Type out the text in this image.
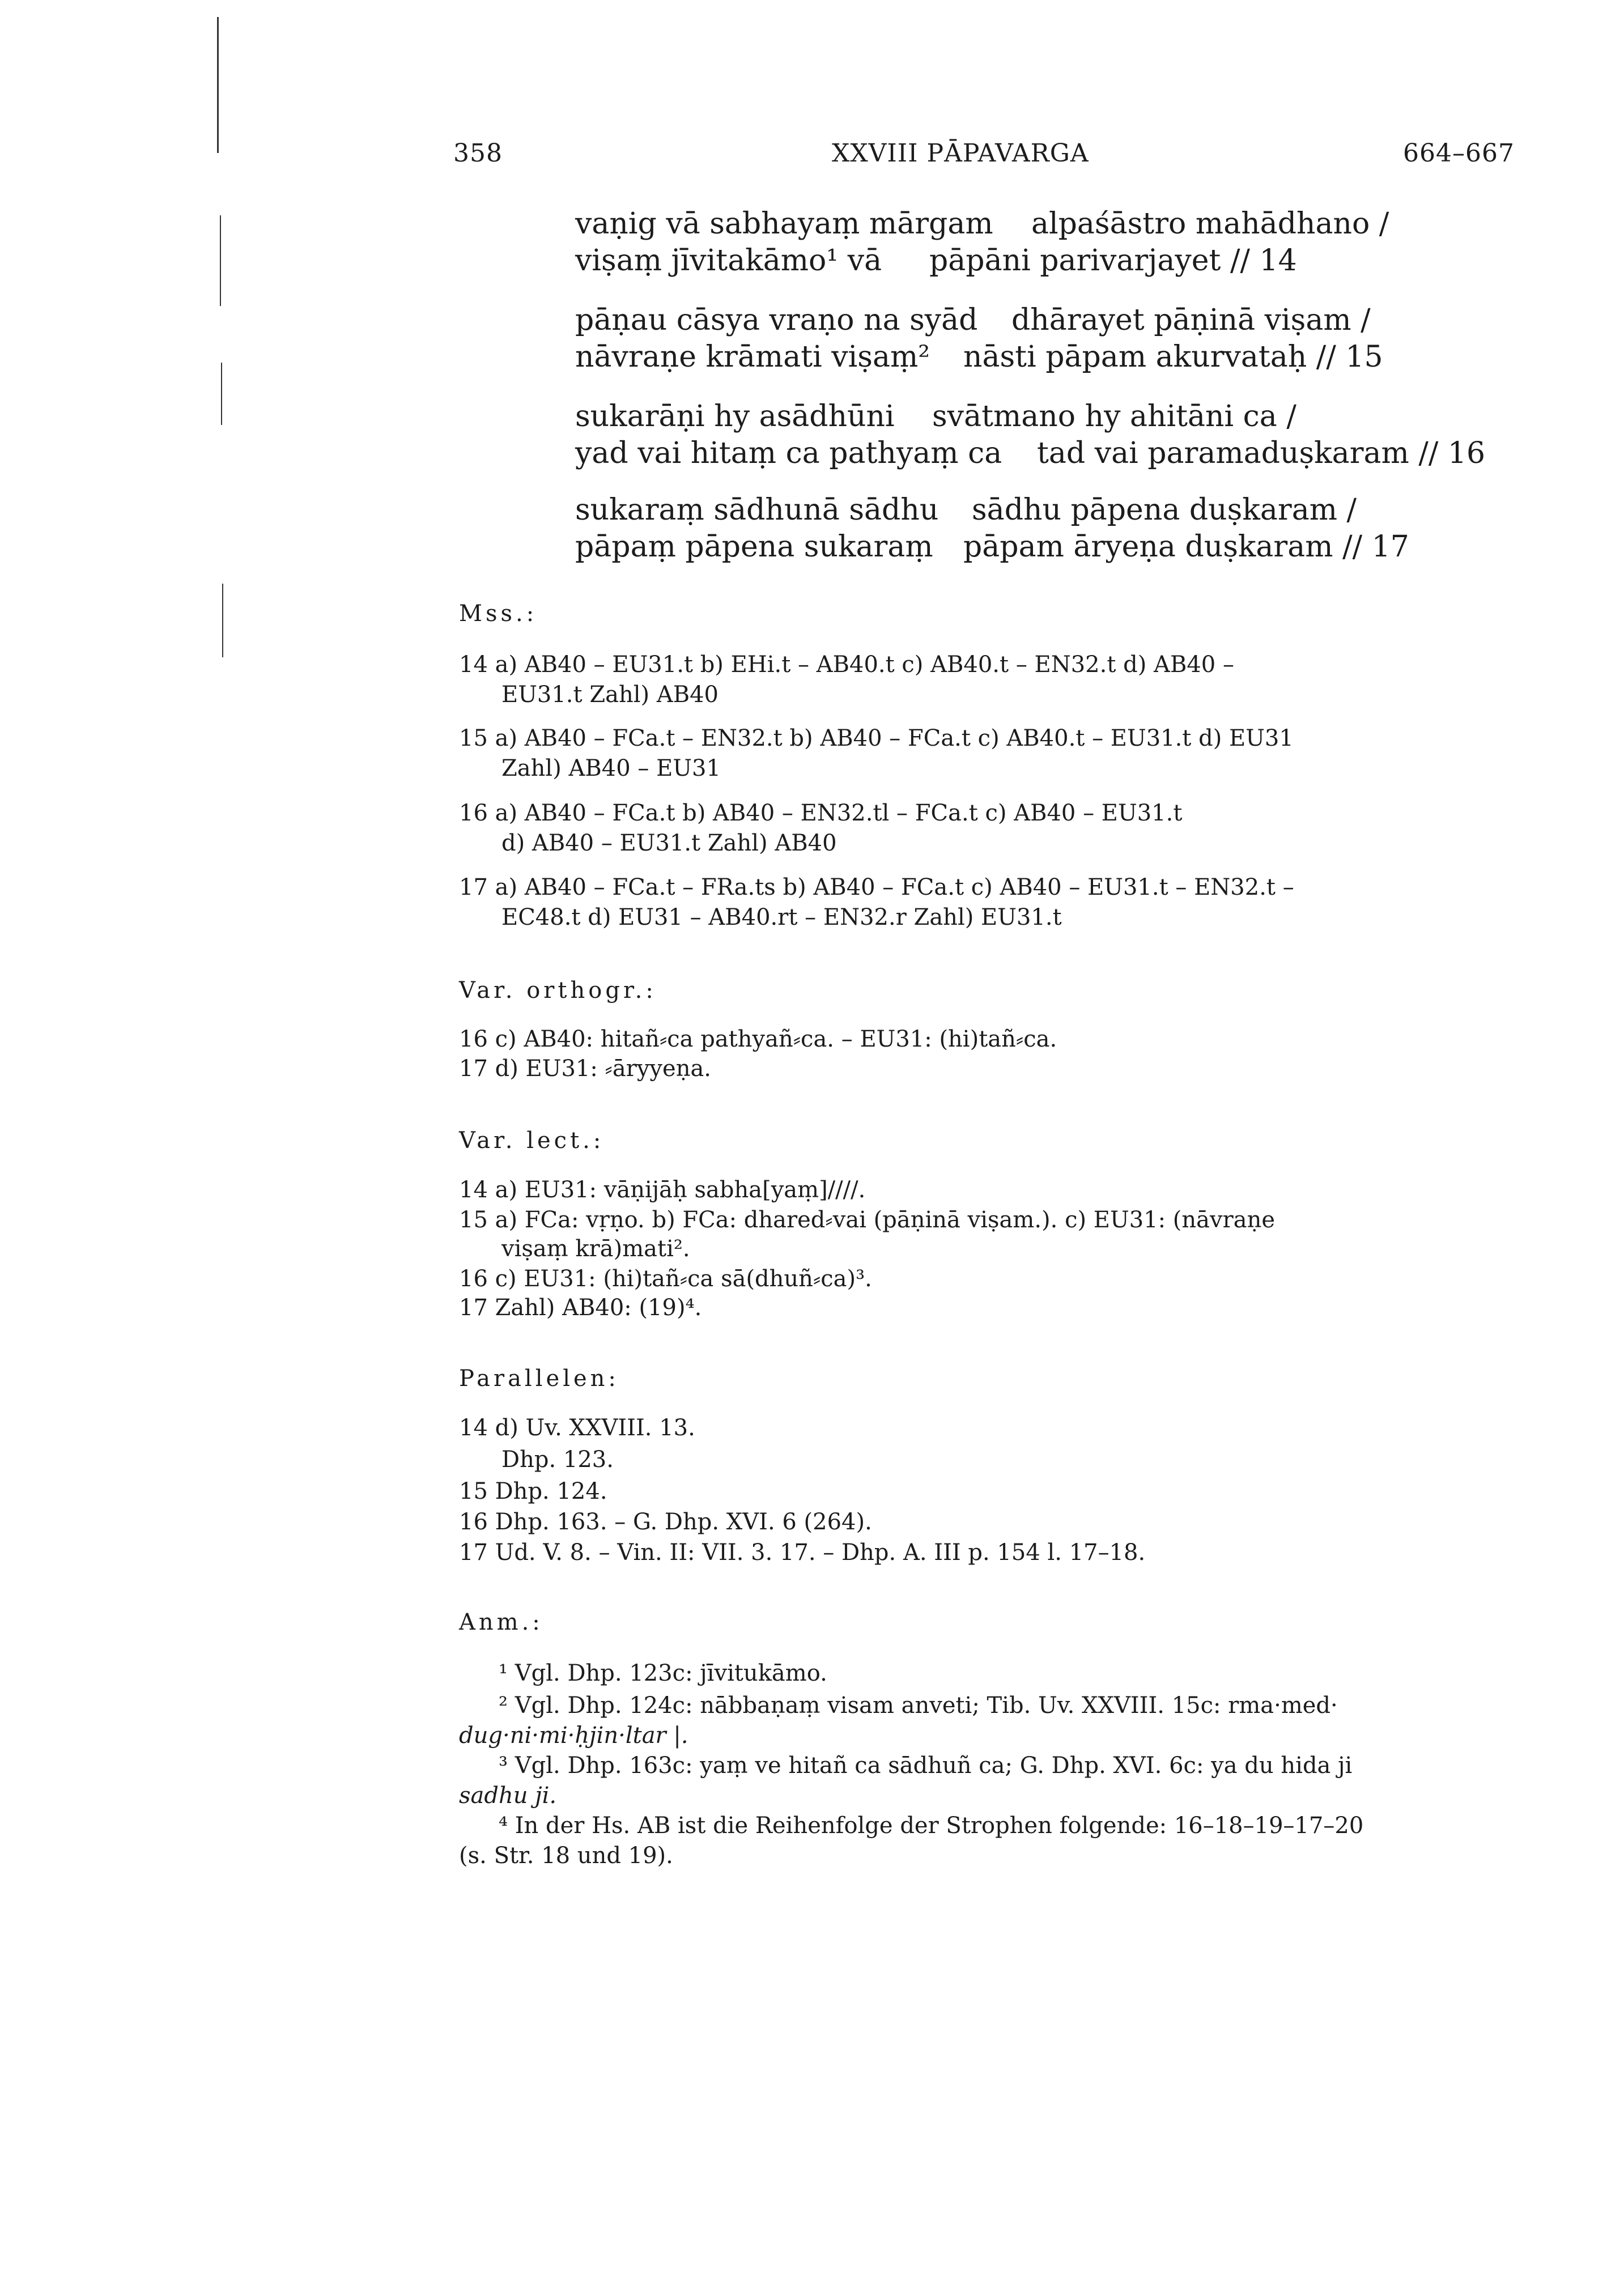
358	XXVIII PĀPAVARGA	664–667
vaṇig vā sabhayaṃ mārgam alpaśāstro mahādhano /
viṣaṃ jīvitakāmo¹ vā pāpāni parivarjayet // 14
pāṇau cāsya vraṇo na syād dhārayet pāṇinā viṣam /
nāvraṇe krāmati viṣaṃ² nāsti pāpam akurvataḥ // 15
sukarāṇi hy asādhūni svātmano hy ahitāni ca /
yad vai hitaṃ ca pathyaṃ ca tad vai paramaduṣkaram // 16
sukaraṃ sādhunā sādhu sādhu pāpena duṣkaram /
pāpaṃ pāpena sukaraṃ pāpam āryeṇa duṣkaram // 17
Mss.:
14 a) AB40 – EU31.t b) EHi.t – AB40.t c) AB40.t – EN32.t d) AB40 –
EU31.t Zahl) AB40
15 a) AB40 – FCa.t – EN32.t b) AB40 – FCa.t c) AB40.t – EU31.t d) EU31
Zahl) AB40 – EU31
16 a) AB40 – FCa.t b) AB40 – EN32.tl – FCa.t c) AB40 – EU31.t
d) AB40 – EU31.t Zahl) AB40
17 a) AB40 – FCa.t – FRa.ts b) AB40 – FCa.t c) AB40 – EU31.t – EN32.t –
EC48.t d) EU31 – AB40.rt – EN32.r Zahl) EU31.t
Var. orthogr.:
16 c) AB40: hitañ⸗ca pathyañ⸗ca. – EU31: (hi)tañ⸗ca.
17 d) EU31: ⸗āryyeṇa.
Var. lect.:
14 a) EU31: vāṇijāḥ sabha[yaṃ]////.
15 a) FCa: vṛṇo. b) FCa: dhared⸗vai (pāṇinā viṣam.). c) EU31: (nāvraṇe
viṣaṃ krā)mati².
16 c) EU31: (hi)tañ⸗ca sā(dhuñ⸗ca)³.
17 Zahl) AB40: (19)⁴.
Parallelen:
14 d) Uv. XXVIII. 13.
Dhp. 123.
15 Dhp. 124.
16 Dhp. 163. – G. Dhp. XVI. 6 (264).
17 Ud. V. 8. – Vin. II: VII. 3. 17. – Dhp. A. III p. 154 l. 17–18.
Anm.:
¹ Vgl. Dhp. 123c: jīvitukāmo.
² Vgl. Dhp. 124c: nābbaṇaṃ visam anveti; Tib. Uv. XXVIII. 15c: rma·med·
dug·ni·mi·ḥjin·ltar |.
³ Vgl. Dhp. 163c: yaṃ ve hitañ ca sādhuñ ca; G. Dhp. XVI. 6c: ya du hida ji
sadhu ji.
⁴ In der Hs. AB ist die Reihenfolge der Strophen folgende: 16–18–19–17–20
(s. Str. 18 und 19).
